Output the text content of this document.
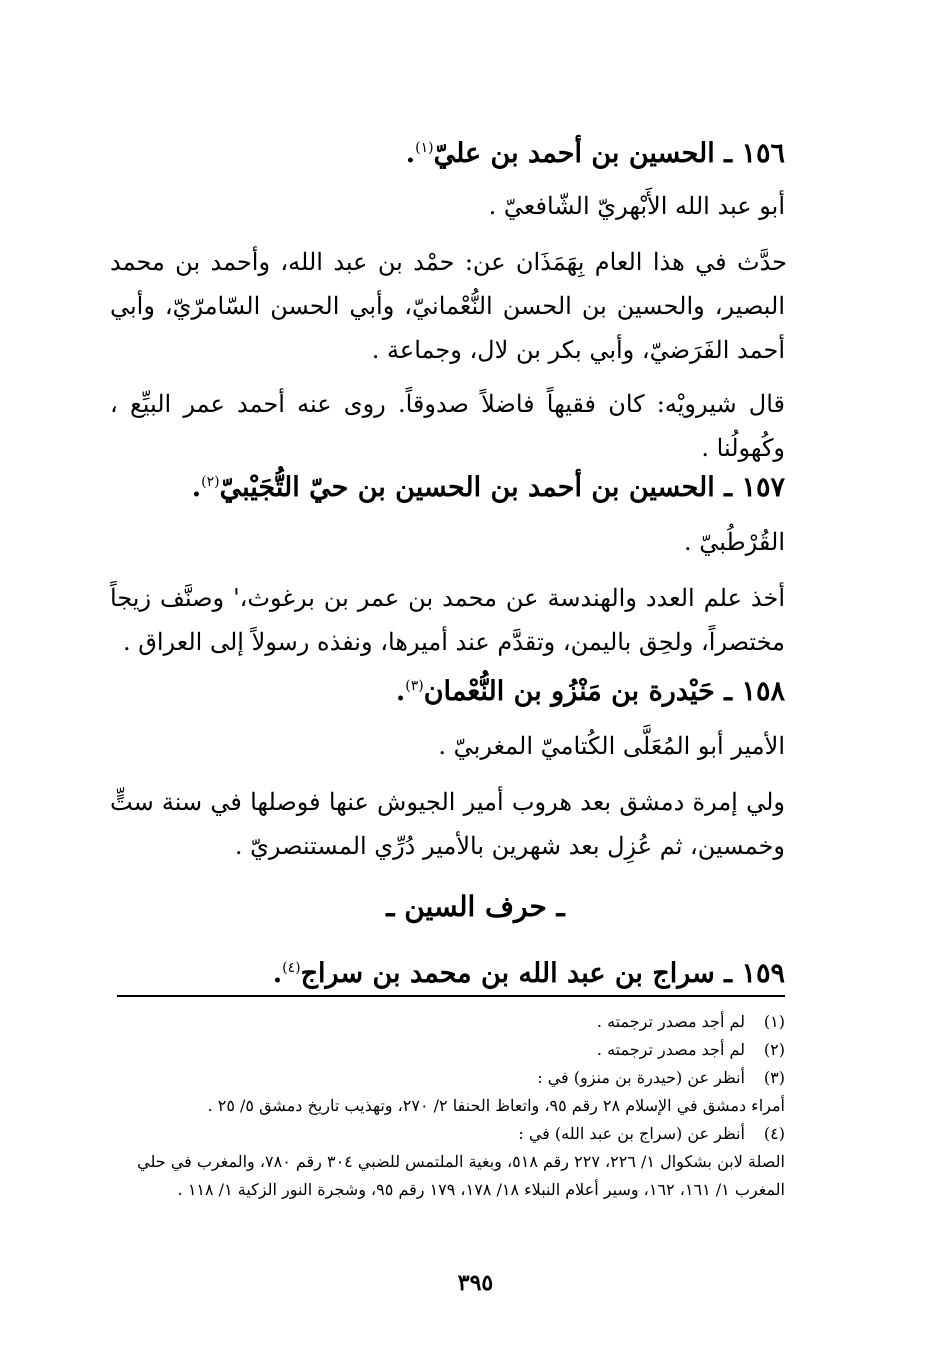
١٥٦ ـ الحسين بن أحمد بن عليّ$^{(١)}$.
أبو عبد الله الأَبْهريّ الشّافعيّ .
حدَّث في هذا العام بِهَمَذَان عن: حمْد بن عبد الله، وأحمد بن محمد البصير، والحسين بن الحسن النُّعْمانيّ، وأبي الحسن السّامرّيّ، وأبي أحمد الفَرَضيّ، وأبي بكر بن لال، وجماعة .
قال شيرويْه: كان فقيهاً فاضلاً صدوقاً. روى عنه أحمد عمر البيِّع ، وكُهولُنا .
١٥٧ ـ الحسين بن أحمد بن الحسين بن حيّ التُّجَيْبيّ$^{(٢)}$.
القُرْطُبيّ .
أخذ علم العدد والهندسة عن محمد بن عمر بن برغوث،' وصنَّف زيجاً مختصراً، ولحِق باليمن، وتقدَّم عند أميرها، ونفذه رسولاً إلى العراق .
١٥٨ ـ حَيْدرة بن مَنْزُو بن النُّعْمان$^{(٣)}$.
الأمير أبو المُعَلَّى الكُتاميّ المغربيّ .
ولي إمرة دمشق بعد هروب أمير الجيوش عنها فوصلها في سنة ستٍّ وخمسين، ثم عُزِل بعد شهرين بالأمير دُرِّي المستنصريّ .
ـ حرف السين ـ
١٥٩ ـ سراج بن عبد الله بن محمد بن سراج$^{(٤)}$.
(١)
لم أجد مصدر ترجمته .
(٢)
لم أجد مصدر ترجمته .
(٣)
أنظر عن (حيدرة بن منزو) في :
أمراء دمشق في الإسلام ٢٨ رقم ٩٥، واتعاظ الحنفا ٢/ ٢٧٠، وتهذيب تاريخ دمشق ٥/ ٢٥ .
(٤)
أنظر عن (سراج بن عبد الله) في :
الصلة لابن بشكوال ١/ ٢٢٦، ٢٢٧ رقم ٥١٨، وبغية الملتمس للضبي ٣٠٤ رقم ٧٨٠، والمغرب في حلي المغرب ١/ ١٦١، ١٦٢، وسير أعلام النبلاء ١٨/ ١٧٨، ١٧٩ رقم ٩٥، وشجرة النور الزكية ١/ ١١٨ .
٣٩٥
